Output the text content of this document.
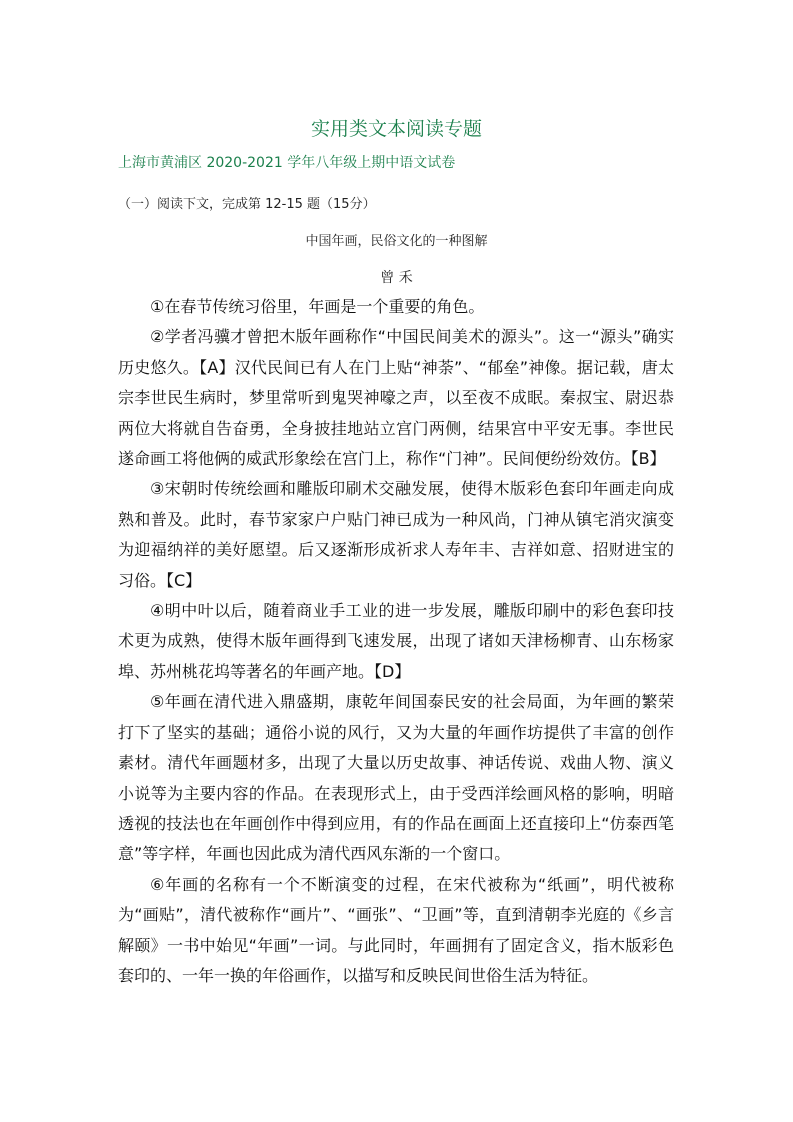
实用类文本阅读专题
上海市黄浦区 2020-2021 学年八年级上期中语文试卷
（一）阅读下文，完成第 12-15 题（15分）
中国年画，民俗文化的一种图解
曾 禾

①在春节传统习俗里，年画是一个重要的角色。

②学者冯骥才曾把木版年画称作“中国民间美术的源头”。这一“源头”确实历史悠久。【A】汉代民间已有人在门上贴“神荼”、“郁垒”神像。据记载，唐太宗李世民生病时，梦里常听到鬼哭神嚎之声，以至夜不成眠。秦叔宝、尉迟恭两位大将就自告奋勇，全身披挂地站立宫门两侧，结果宫中平安无事。李世民遂命画工将他俩的威武形象绘在宫门上，称作“门神”。民间便纷纷效仿。【B】

③宋朝时传统绘画和雕版印刷术交融发展，使得木版彩色套印年画走向成熟和普及。此时，春节家家户户贴门神已成为一种风尚，门神从镇宅消灾演变为迎福纳祥的美好愿望。后又逐渐形成祈求人寿年丰、吉祥如意、招财进宝的习俗。【C】

④明中叶以后，随着商业手工业的进一步发展，雕版印刷中的彩色套印技术更为成熟，使得木版年画得到飞速发展，出现了诸如天津杨柳青、山东杨家埠、苏州桃花坞等著名的年画产地。【D】

⑤年画在清代进入鼎盛期，康乾年间国泰民安的社会局面，为年画的繁荣打下了坚实的基础；通俗小说的风行，又为大量的年画作坊提供了丰富的创作素材。清代年画题材多，出现了大量以历史故事、神话传说、戏曲人物、演义小说等为主要内容的作品。在表现形式上，由于受西洋绘画风格的影响，明暗透视的技法也在年画创作中得到应用，有的作品在画面上还直接印上“仿泰西笔意”等字样，年画也因此成为清代西风东渐的一个窗口。

⑥年画的名称有一个不断演变的过程，在宋代被称为“纸画”，明代被称为“画贴”，清代被称作“画片”、“画张”、“卫画”等，直到清朝李光庭的《乡言解颐》一书中始见“年画”一词。与此同时，年画拥有了固定含义，指木版彩色套印的、一年一换的年俗画作，以描写和反映民间世俗生活为特征。
